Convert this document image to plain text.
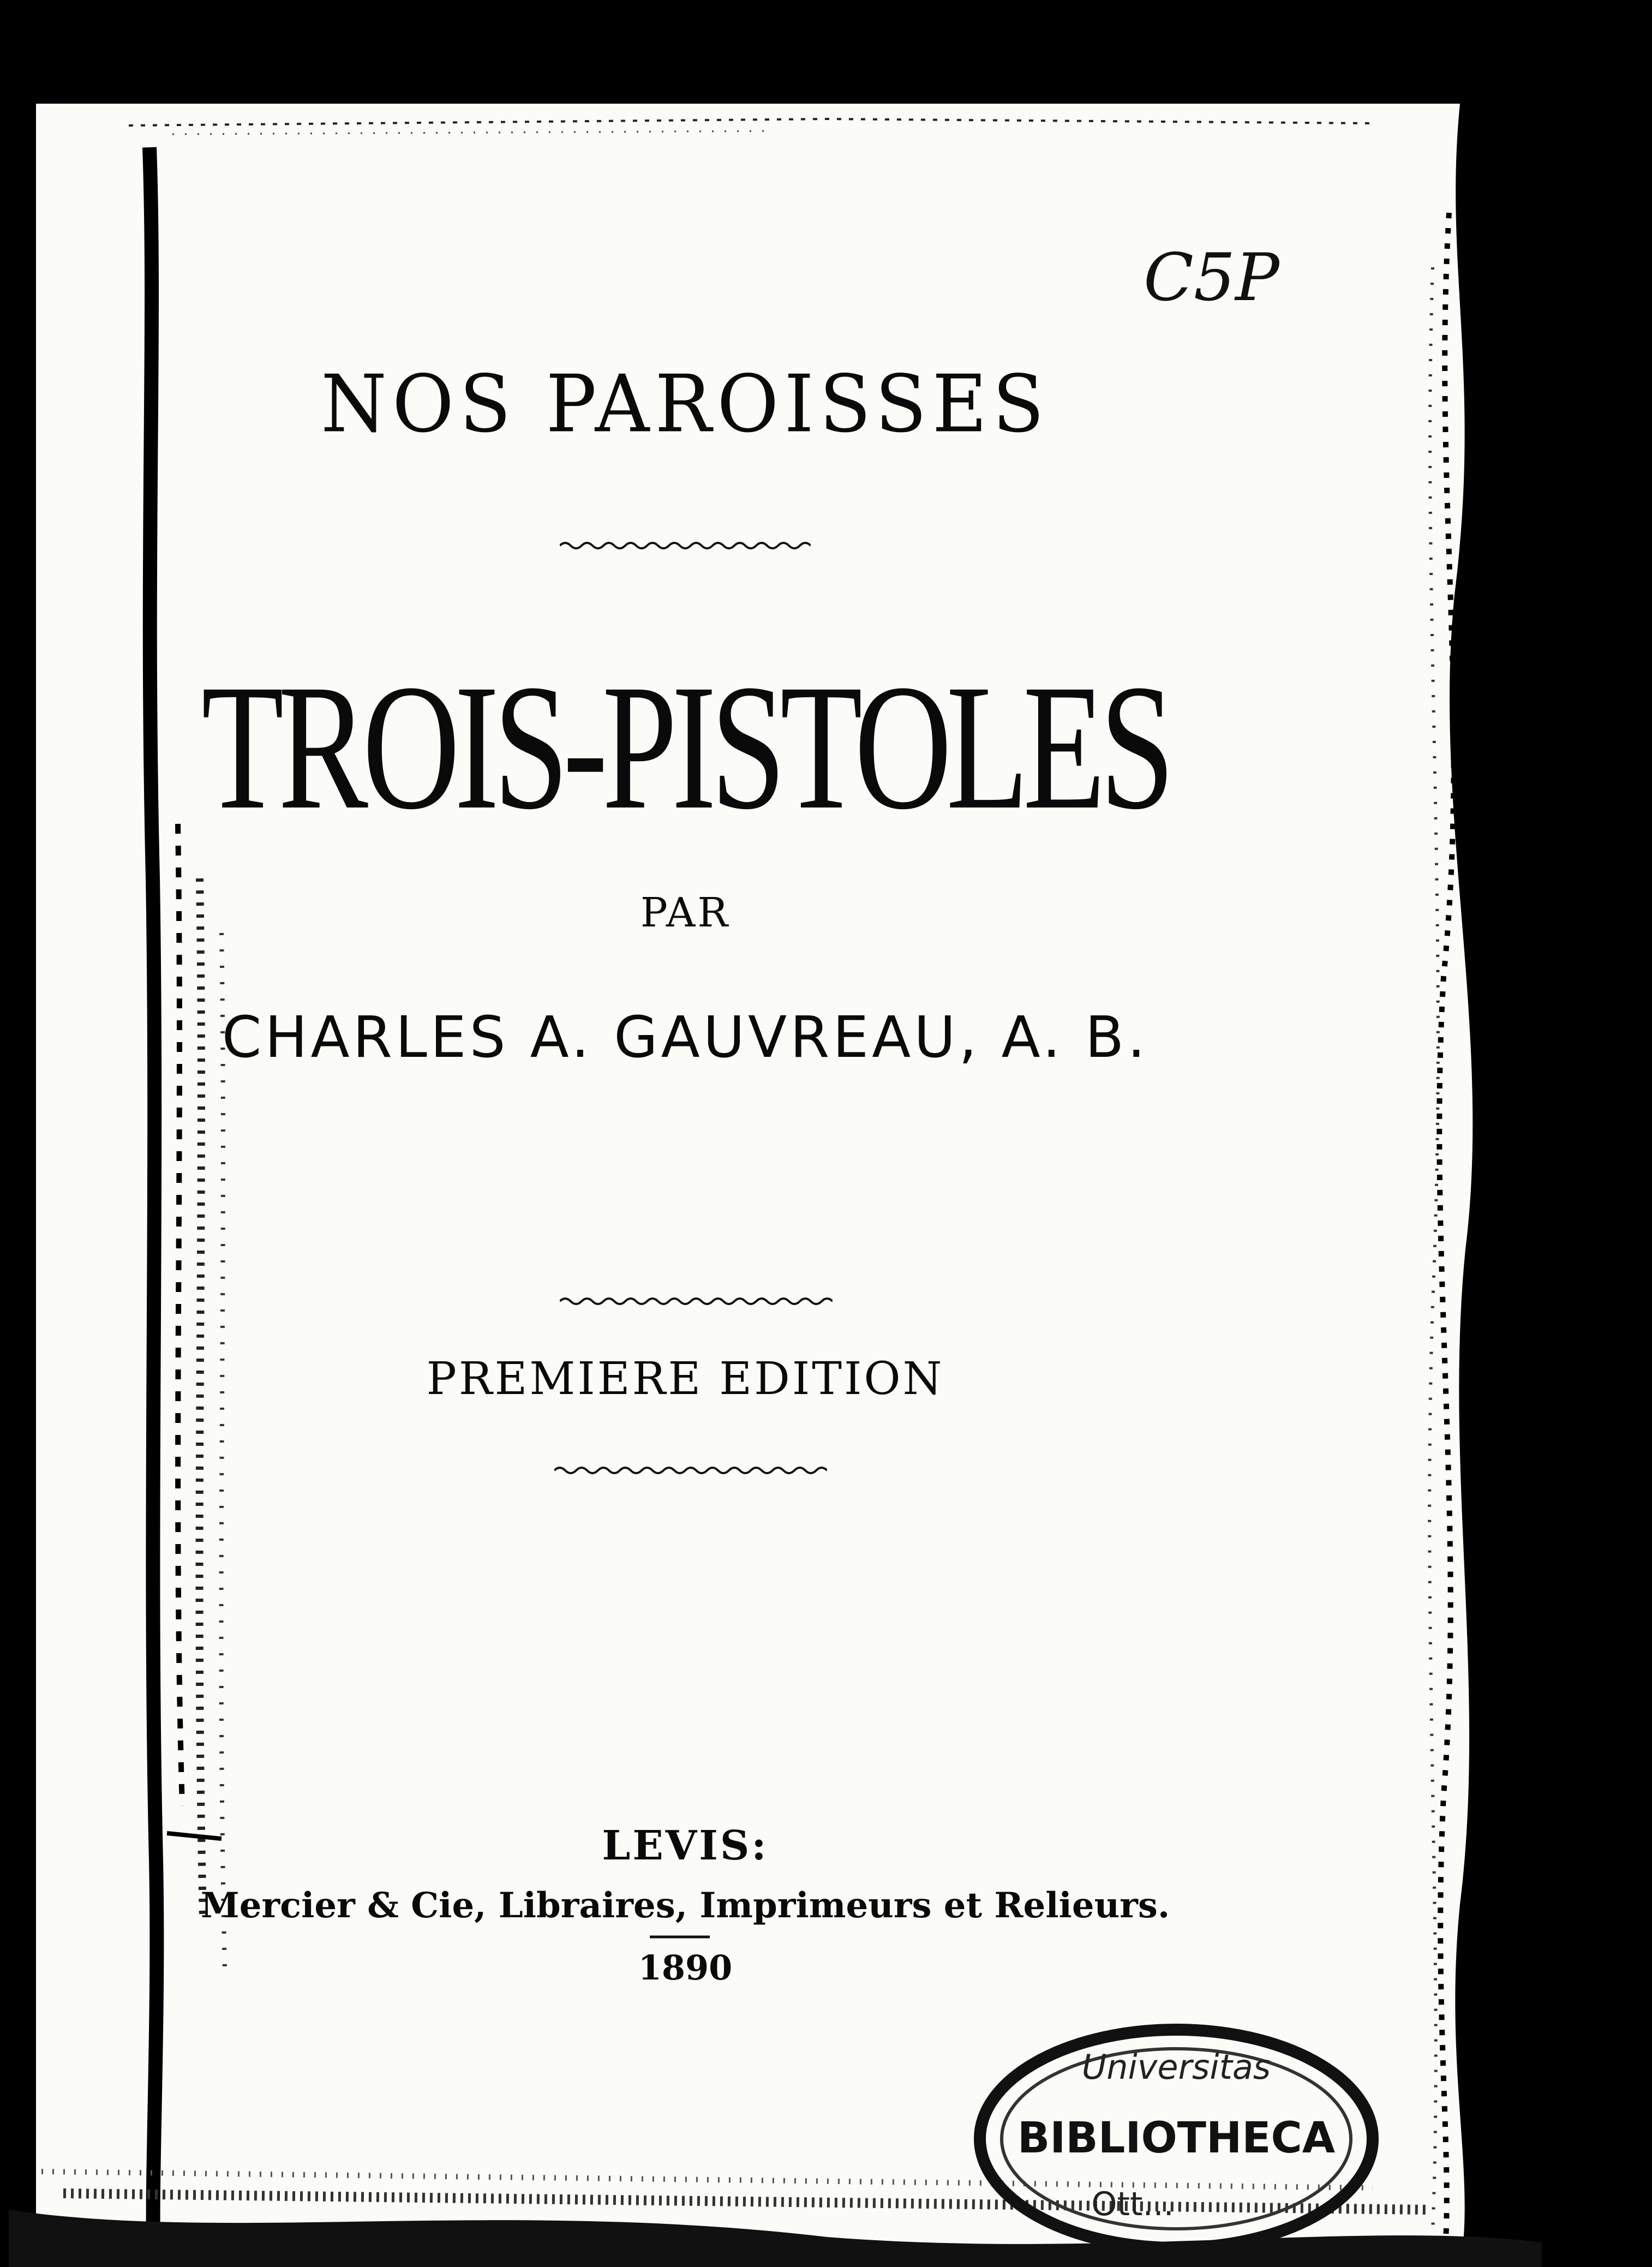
C5P
NOS PAROISSES
TROIS-PISTOLES
PAR
CHARLES A. GAUVREAU, A. B.
PREMIERE EDITION
LEVIS:
Mercier & Cie, Libraires, Imprimeurs et Relieurs.
1890
Universitas
BIBLIOTHECA
Ott...
